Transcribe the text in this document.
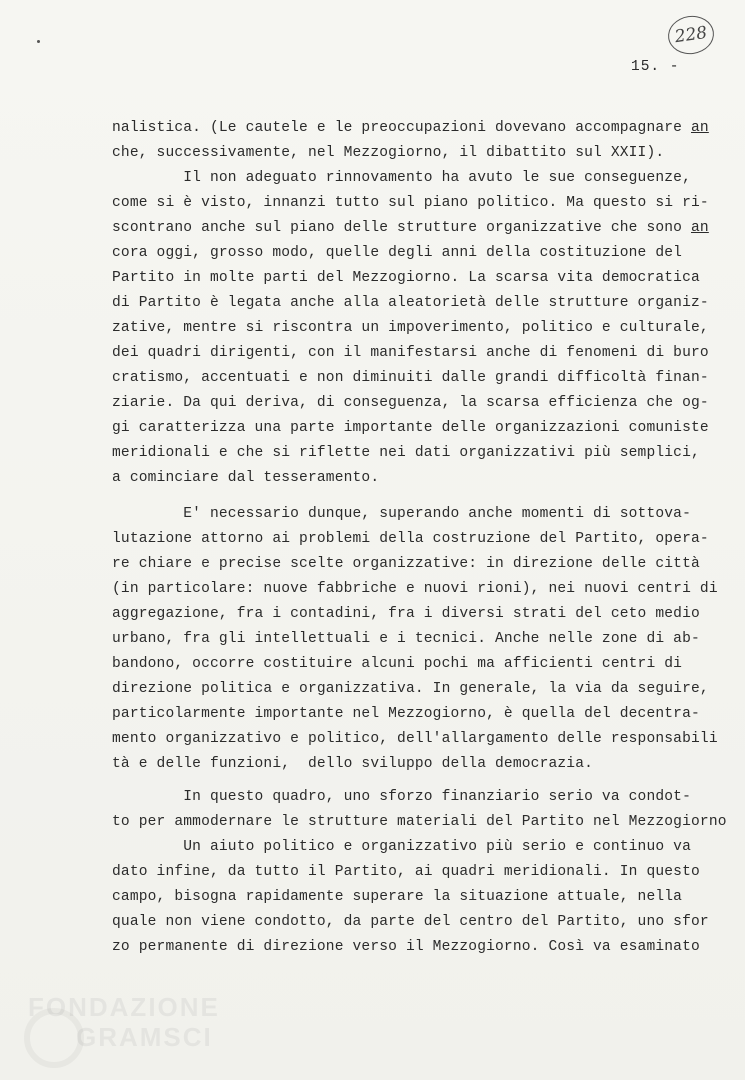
228
15. -
nalistica. (Le cautele e le preoccupazioni dovevano accompagnare an
che, successivamente, nel Mezzogiorno, il dibattito sul XXII).
Il non adeguato rinnovamento ha avuto le sue conseguenze,
come si è visto, innanzi tutto sul piano politico. Ma questo si ri-
scontrano anche sul piano delle strutture organizzative che sono an
cora oggi, grosso modo, quelle degli anni della costituzione del
Partito in molte parti del Mezzogiorno. La scarsa vita democratica
di Partito è legata anche alla aleatorietà delle strutture organiz-
zative, mentre si riscontra un impoverimento, politico e culturale,
dei quadri dirigenti, con il manifestarsi anche di fenomeni di buro
cratismo, accentuati e non diminuiti dalle grandi difficoltà finan-
ziarie. Da qui deriva, di conseguenza, la scarsa efficienza che og-
gi caratterizza una parte importante delle organizzazioni comuniste
meridionali e che si riflette nei dati organizzativi più semplici,
a cominciare dal tesseramento.
E' necessario dunque, superando anche momenti di sottova-
lutazione attorno ai problemi della costruzione del Partito, opera-
re chiare e precise scelte organizzative: in direzione delle città
(in particolare: nuove fabbriche e nuovi rioni), nei nuovi centri di
aggregazione, fra i contadini, fra i diversi strati del ceto medio
urbano, fra gli intellettuali e i tecnici. Anche nelle zone di ab-
bandono, occorre costituire alcuni pochi ma afficienti centri di
direzione politica e organizzativa. In generale, la via da seguire,
particolarmente importante nel Mezzogiorno, è quella del decentra-
mento organizzativo e politico, dell'allargamento delle responsabili
tà e delle funzioni,  dello sviluppo della democrazia.
In questo quadro, uno sforzo finanziario serio va condot-
to per ammodernare le strutture materiali del Partito nel Mezzogiorno
Un aiuto politico e organizzativo più serio e continuo va
dato infine, da tutto il Partito, ai quadri meridionali. In questo
campo, bisogna rapidamente superare la situazione attuale, nella
quale non viene condotto, da parte del centro del Partito, uno sfor
zo permanente di direzione verso il Mezzogiorno. Così va esaminato
FONDAZIONE
GRAMSCI
